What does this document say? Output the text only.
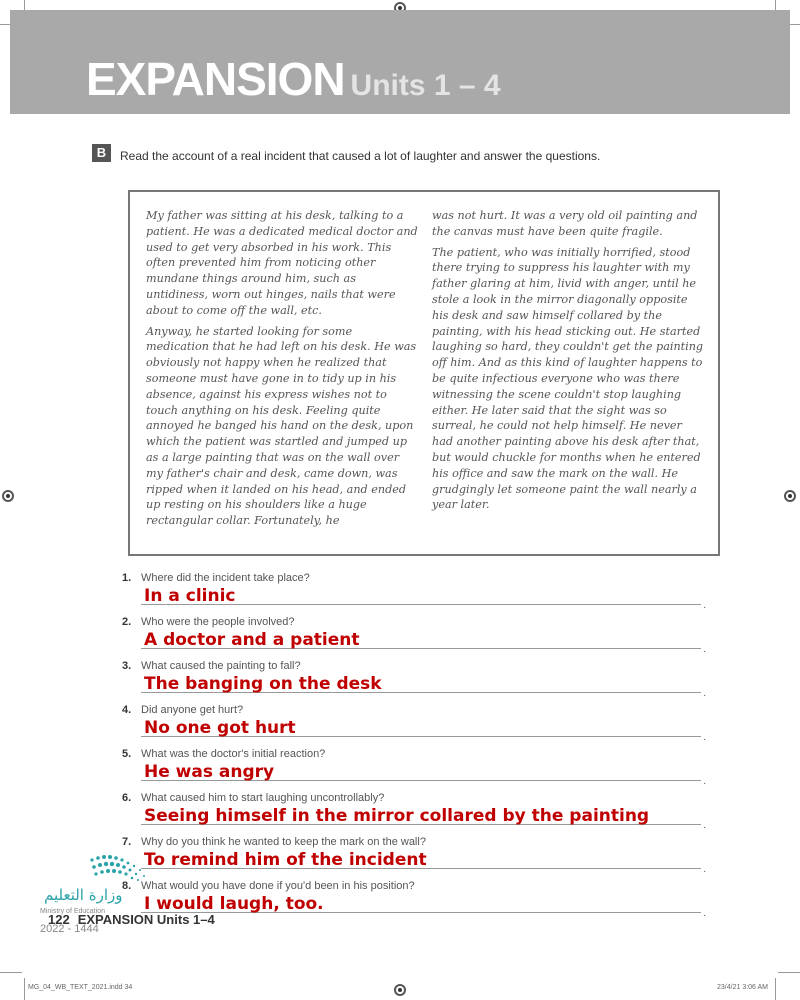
EXPANSION Units 1 – 4
B	Read the account of a real incident that caused a lot of laughter and answer the questions.

My father was sitting at his desk, talking to a patient. He was a dedicated medical doctor and used to get very absorbed in his work. This often prevented him from noticing other mundane things around him, such as untidiness, worn out hinges, nails that were about to come off the wall, etc.

Anyway, he started looking for some medication that he had left on his desk. He was obviously not happy when he realized that someone must have gone in to tidy up in his absence, against his express wishes not to touch anything on his desk. Feeling quite annoyed he banged his hand on the desk, upon which the patient was startled and jumped up as a large painting that was on the wall over my father's chair and desk, came down, was ripped when it landed on his head, and ended up resting on his shoulders like a huge rectangular collar. Fortunately, he

was not hurt. It was a very old oil painting and the canvas must have been quite fragile.

The patient, who was initially horrified, stood there trying to suppress his laughter with my father glaring at him, livid with anger, until he stole a look in the mirror diagonally opposite his desk and saw himself collared by the painting, with his head sticking out. He started laughing so hard, they couldn't get the painting off him. And as this kind of laughter happens to be quite infectious everyone who was there witnessing the scene couldn't stop laughing either. He later said that the sight was so surreal, he could not help himself. He never had another painting above his desk after that, but would chuckle for months when he entered his office and saw the mark on the wall. He grudgingly let someone paint the wall nearly a year later.

1. Where did the incident take place?
.
In a clinic
2. Who were the people involved?
.
A doctor and a patient
3. What caused the painting to fall?
.
The banging on the desk
4. Did anyone get hurt?
.
No one got hurt
5. What was the doctor's initial reaction?
.
He was angry
6. What caused him to start laughing uncontrollably?
.
Seeing himself in the mirror collared by the painting
7. Why do you think he wanted to keep the mark on the wall?
.
To remind him of the incident
8. What would you have done if you'd been in his position?
.
I would laugh, too.
وزارة التعليم
Ministry of Education
2022 - 1444
122 EXPANSION Units 1–4
MG_04_WB_TEXT_2021.indd 34	23/4/21 3:06 AM
